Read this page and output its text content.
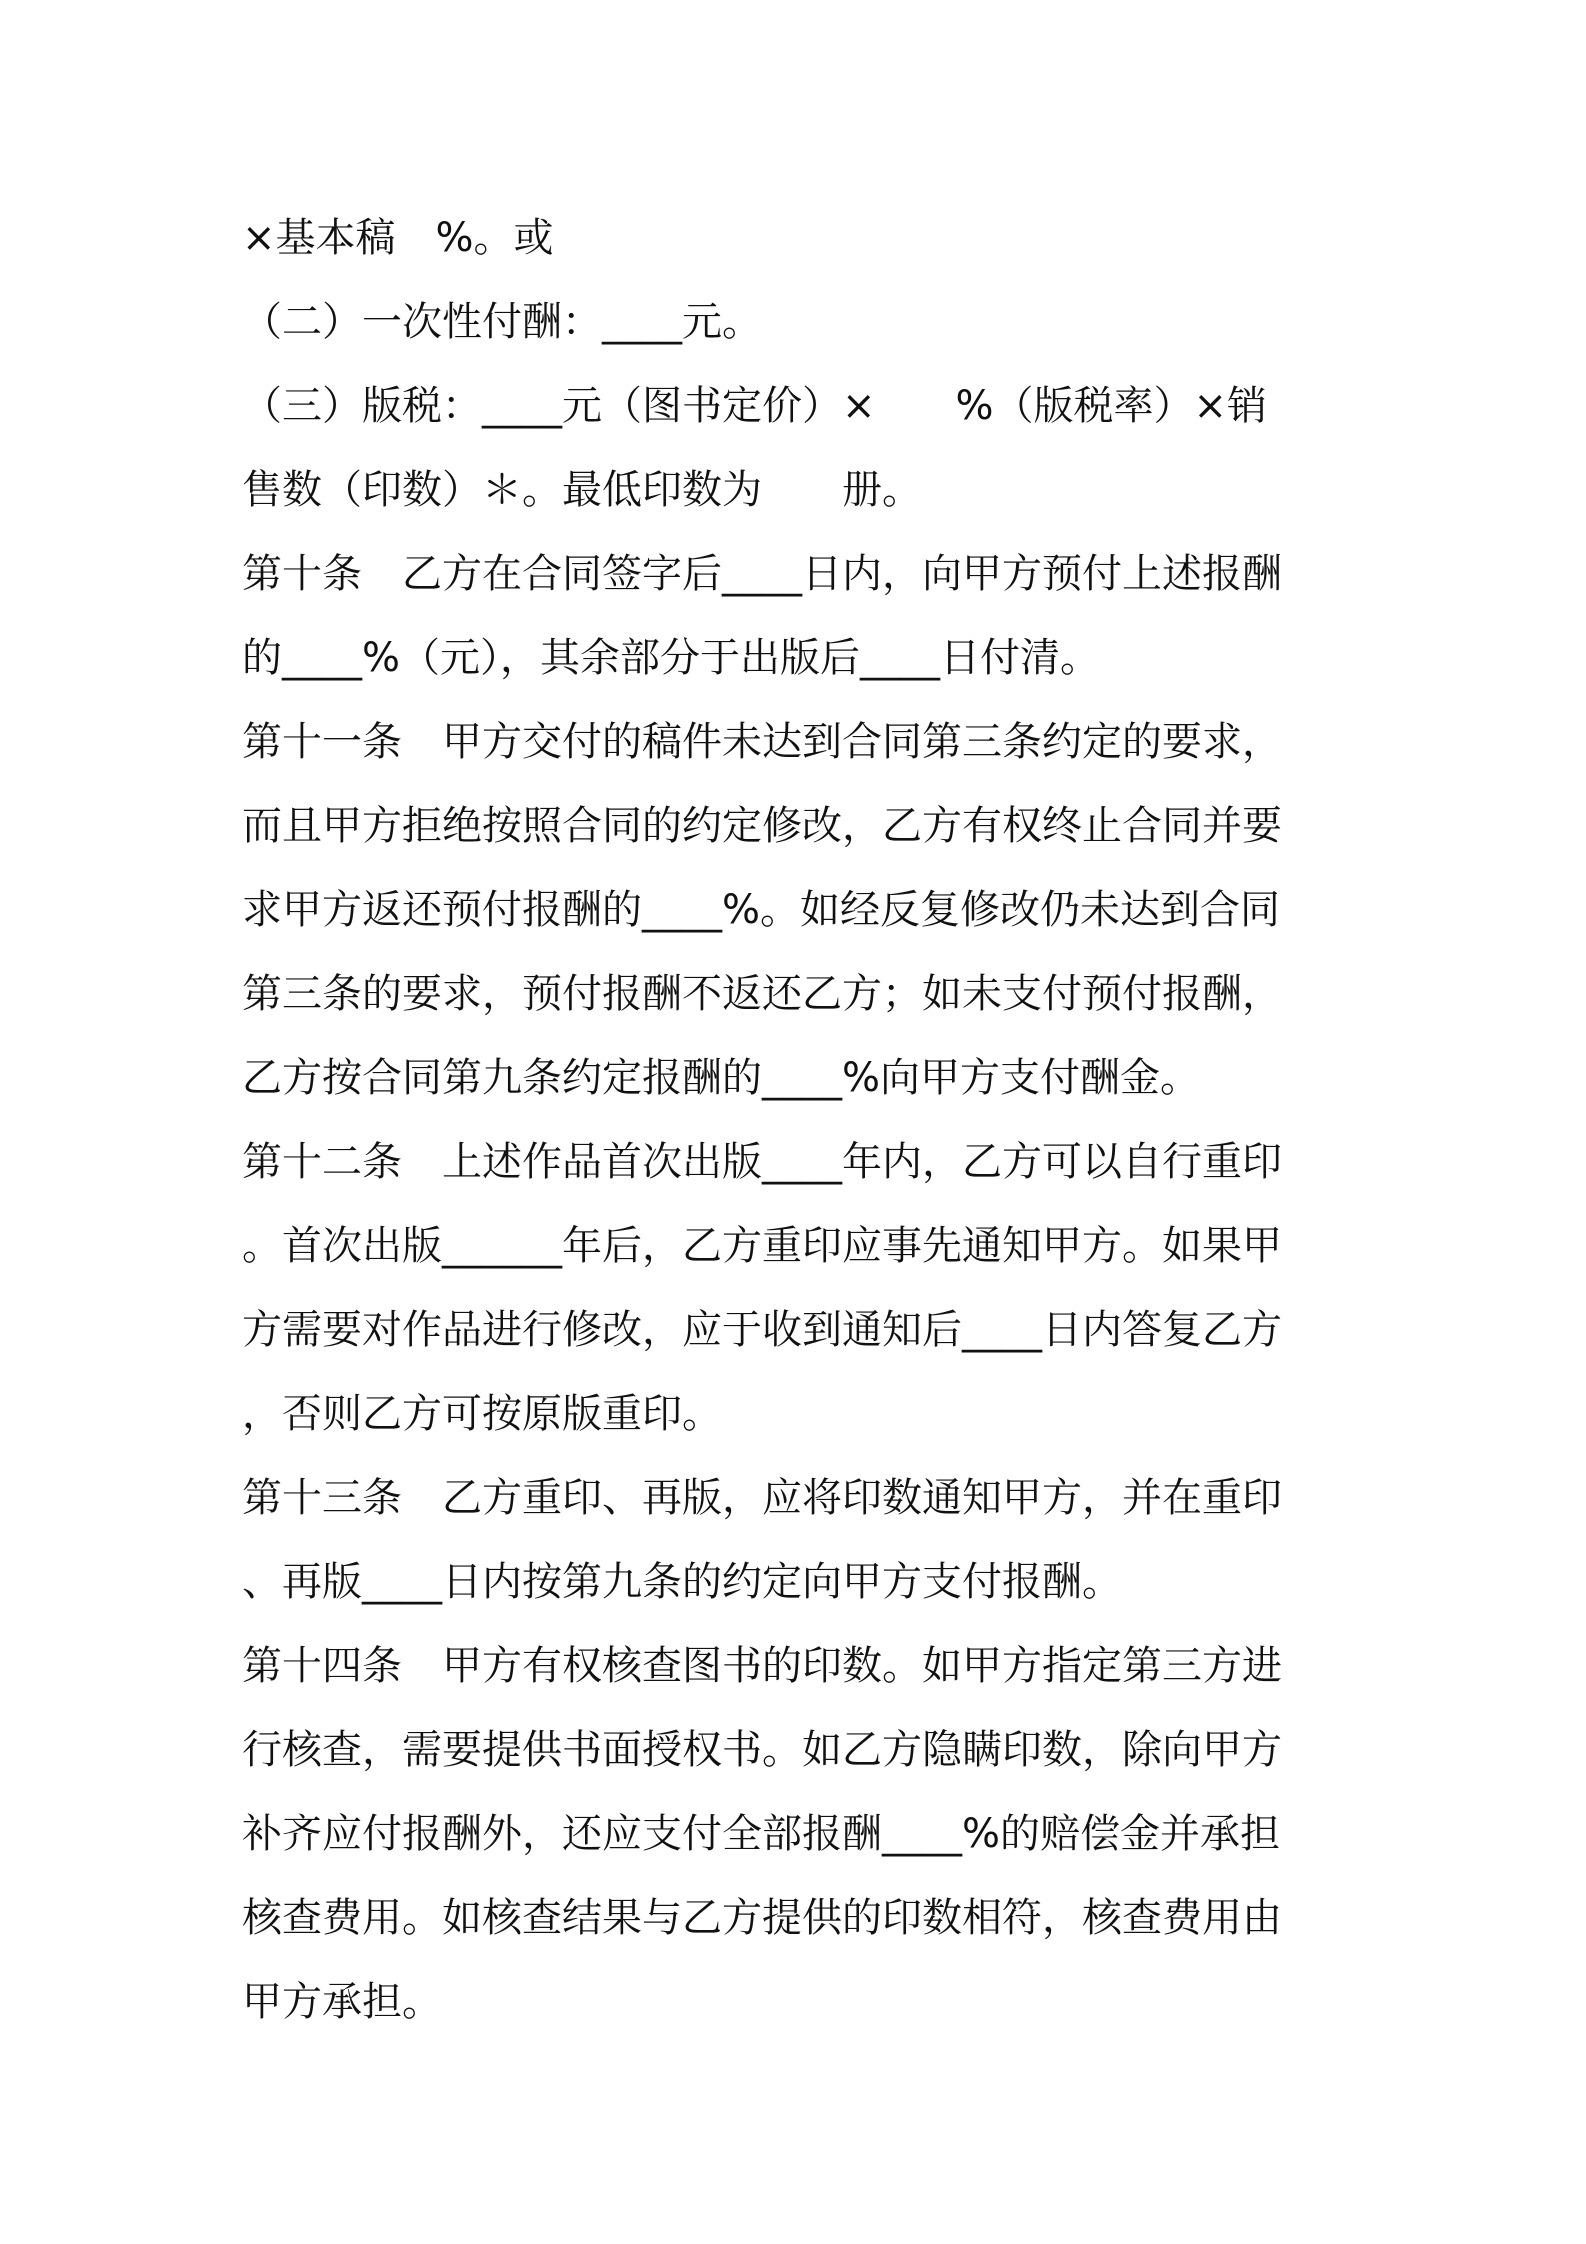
×基本稿　%。或
（二）一次性付酬：____元。
（三）版税：____元（图书定价）×　　%（版税率）×销
售数（印数）＊。最低印数为　　册。
第十条　乙方在合同签字后____日内，向甲方预付上述报酬
的____%（元），其余部分于出版后____日付清。
第十一条　甲方交付的稿件未达到合同第三条约定的要求，
而且甲方拒绝按照合同的约定修改，乙方有权终止合同并要
求甲方返还预付报酬的____%。如经反复修改仍未达到合同
第三条的要求，预付报酬不返还乙方；如未支付预付报酬，
乙方按合同第九条约定报酬的____%向甲方支付酬金。
第十二条　上述作品首次出版____年内，乙方可以自行重印
。首次出版______年后，乙方重印应事先通知甲方。如果甲
方需要对作品进行修改，应于收到通知后____日内答复乙方
，否则乙方可按原版重印。
第十三条　乙方重印、再版，应将印数通知甲方，并在重印
、再版____日内按第九条的约定向甲方支付报酬。
第十四条　甲方有权核查图书的印数。如甲方指定第三方进
行核查，需要提供书面授权书。如乙方隐瞒印数，除向甲方
补齐应付报酬外，还应支付全部报酬____%的赔偿金并承担
核查费用。如核查结果与乙方提供的印数相符，核查费用由
甲方承担。
